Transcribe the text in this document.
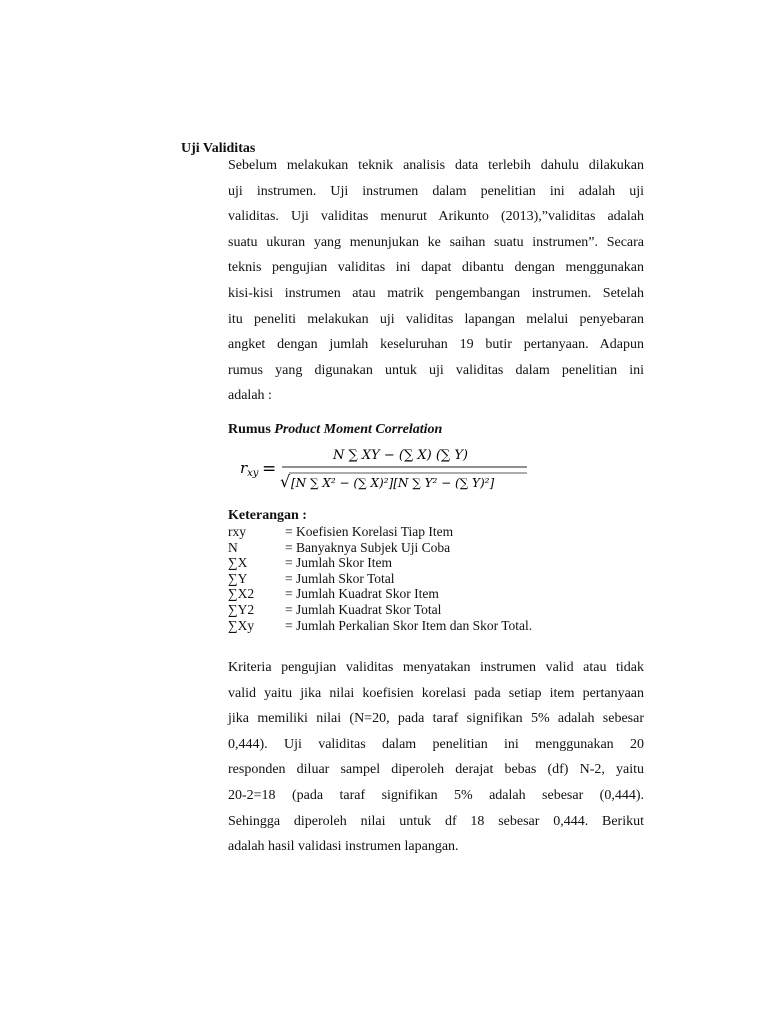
Uji Validitas
Sebelum melakukan teknik analisis data terlebih dahulu dilakukan
uji instrumen. Uji instrumen dalam penelitian ini adalah uji
validitas. Uji validitas menurut Arikunto (2013),”validitas adalah
suatu ukuran yang menunjukan ke saihan suatu instrumen”. Secara
teknis pengujian validitas ini dapat dibantu dengan menggunakan
kisi-kisi instrumen atau matrik pengembangan instrumen. Setelah
itu peneliti melakukan uji validitas lapangan melalui penyebaran
angket dengan jumlah keseluruhan 19 butir pertanyaan. Adapun
rumus yang digunakan untuk uji validitas dalam penelitian ini
adalah :

Rumus Product Moment Correlation

$r_{xy}$ =
N ∑ XY − (∑ X) (∑ Y)
√ [N ∑ X² − (∑ X)²][N ∑ Y² − (∑ Y)²]

Keterangan :

rxy	= Koefisien Korelasi Tiap Item
N	= Banyaknya Subjek Uji Coba
∑X	= Jumlah Skor Item
∑Y	= Jumlah Skor Total
∑X2	= Jumlah Kuadrat Skor Item
∑Y2	= Jumlah Kuadrat Skor Total
∑Xy	= Jumlah Perkalian Skor Item dan Skor Total.
Kriteria pengujian validitas menyatakan instrumen valid atau tidak
valid yaitu jika nilai koefisien korelasi pada setiap item pertanyaan
jika memiliki nilai (N=20, pada taraf signifikan 5% adalah sebesar
0,444). Uji validitas dalam penelitian ini menggunakan 20
responden diluar sampel diperoleh derajat bebas (df) N-2, yaitu
20-2=18 (pada taraf signifikan 5% adalah sebesar (0,444).
Sehingga diperoleh nilai untuk df 18 sebesar 0,444. Berikut
adalah hasil validasi instrumen lapangan.
